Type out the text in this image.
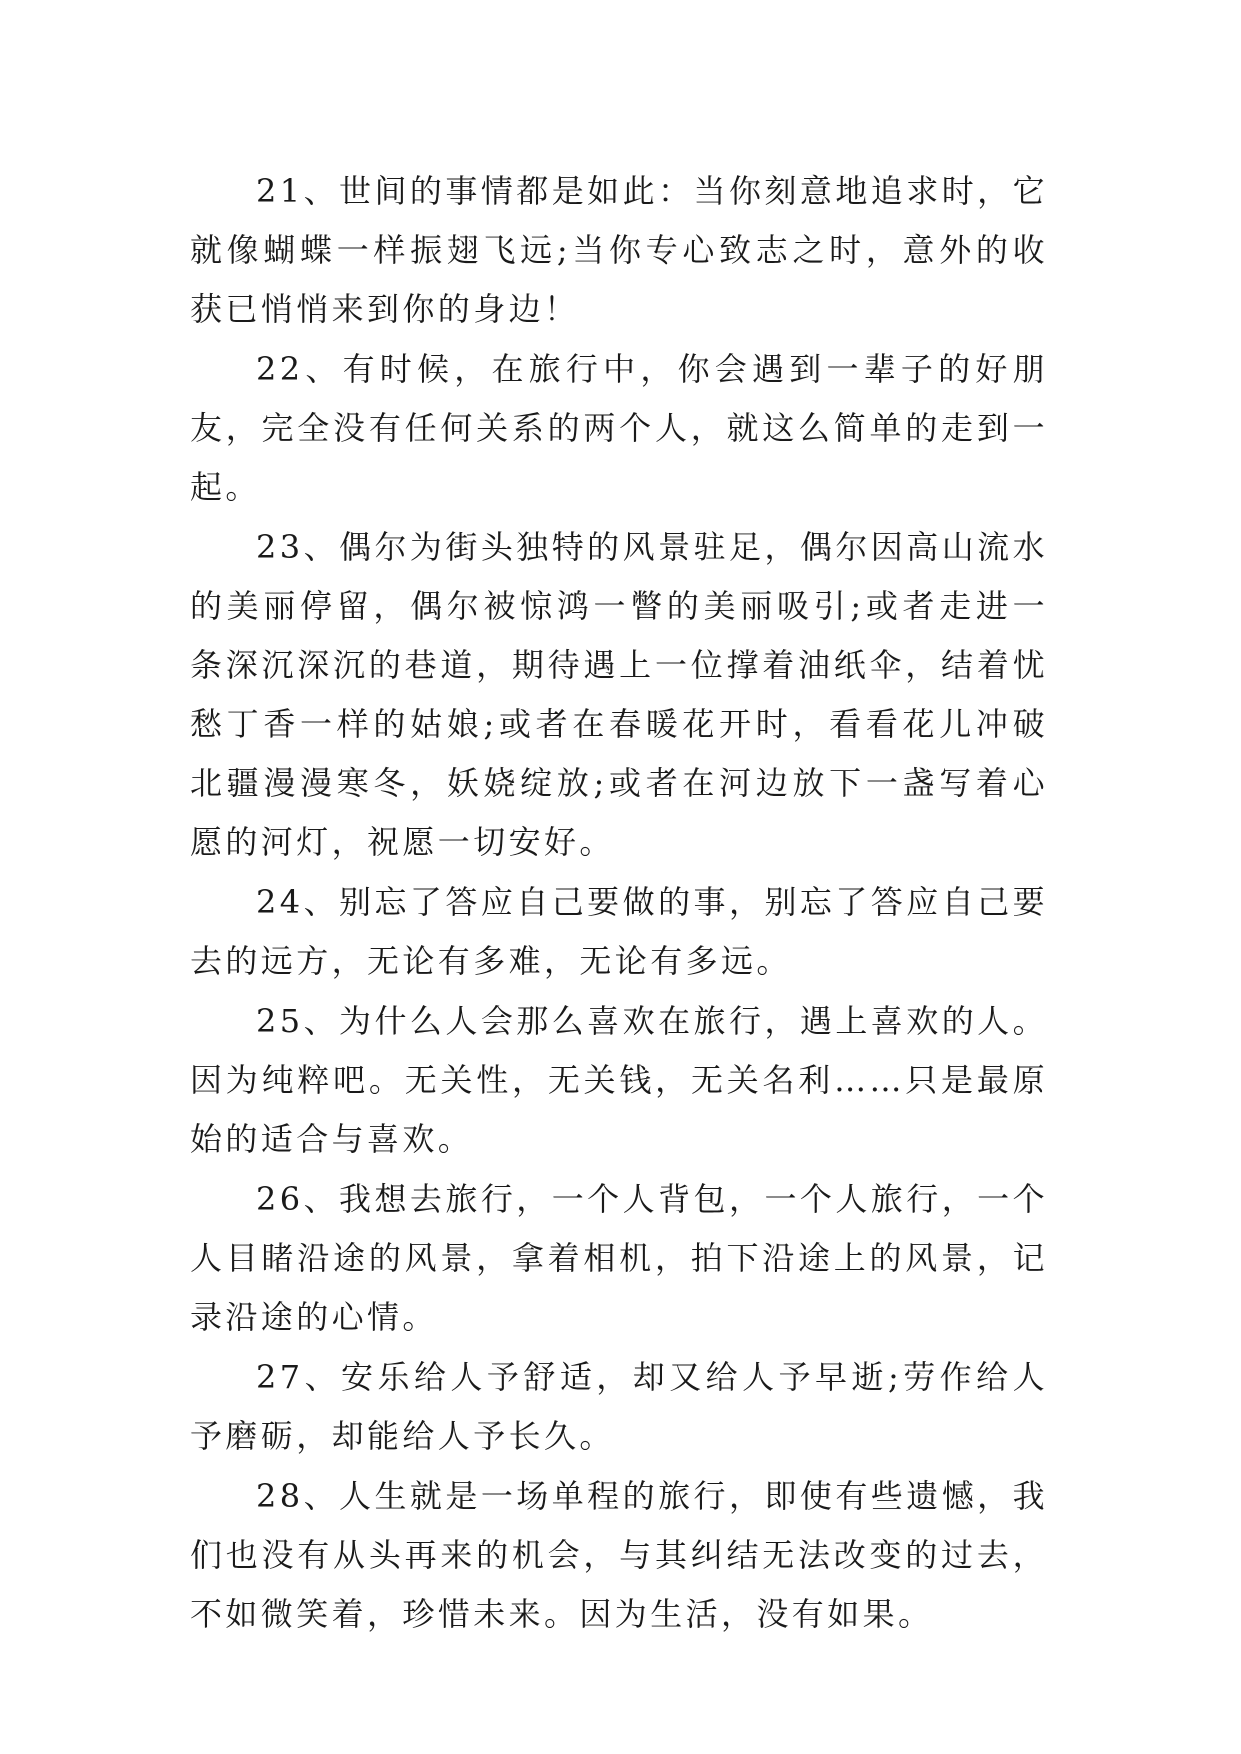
21、世间的事情都是如此：当你刻意地追求时，它就像蝴蝶一样振翅飞远;当你专心致志之时，意外的收获已悄悄来到你的身边！

22、有时候，在旅行中，你会遇到一辈子的好朋友，完全没有任何关系的两个人，就这么简单的走到一起。

23、偶尔为街头独特的风景驻足，偶尔因高山流水的美丽停留，偶尔被惊鸿一瞥的美丽吸引;或者走进一条深沉深沉的巷道，期待遇上一位撑着油纸伞，结着忧愁丁香一样的姑娘;或者在春暖花开时，看看花儿冲破北疆漫漫寒冬，妖娆绽放;或者在河边放下一盏写着心愿的河灯，祝愿一切安好。

24、别忘了答应自己要做的事，别忘了答应自己要去的远方，无论有多难，无论有多远。

25、为什么人会那么喜欢在旅行，遇上喜欢的人。因为纯粹吧。无关性，无关钱，无关名利……只是最原始的适合与喜欢。

26、我想去旅行，一个人背包，一个人旅行，一个人目睹沿途的风景，拿着相机，拍下沿途上的风景，记录沿途的心情。

27、安乐给人予舒适，却又给人予早逝;劳作给人予磨砺，却能给人予长久。

28、人生就是一场单程的旅行，即使有些遗憾，我们也没有从头再来的机会，与其纠结无法改变的过去，不如微笑着，珍惜未来。因为生活，没有如果。
